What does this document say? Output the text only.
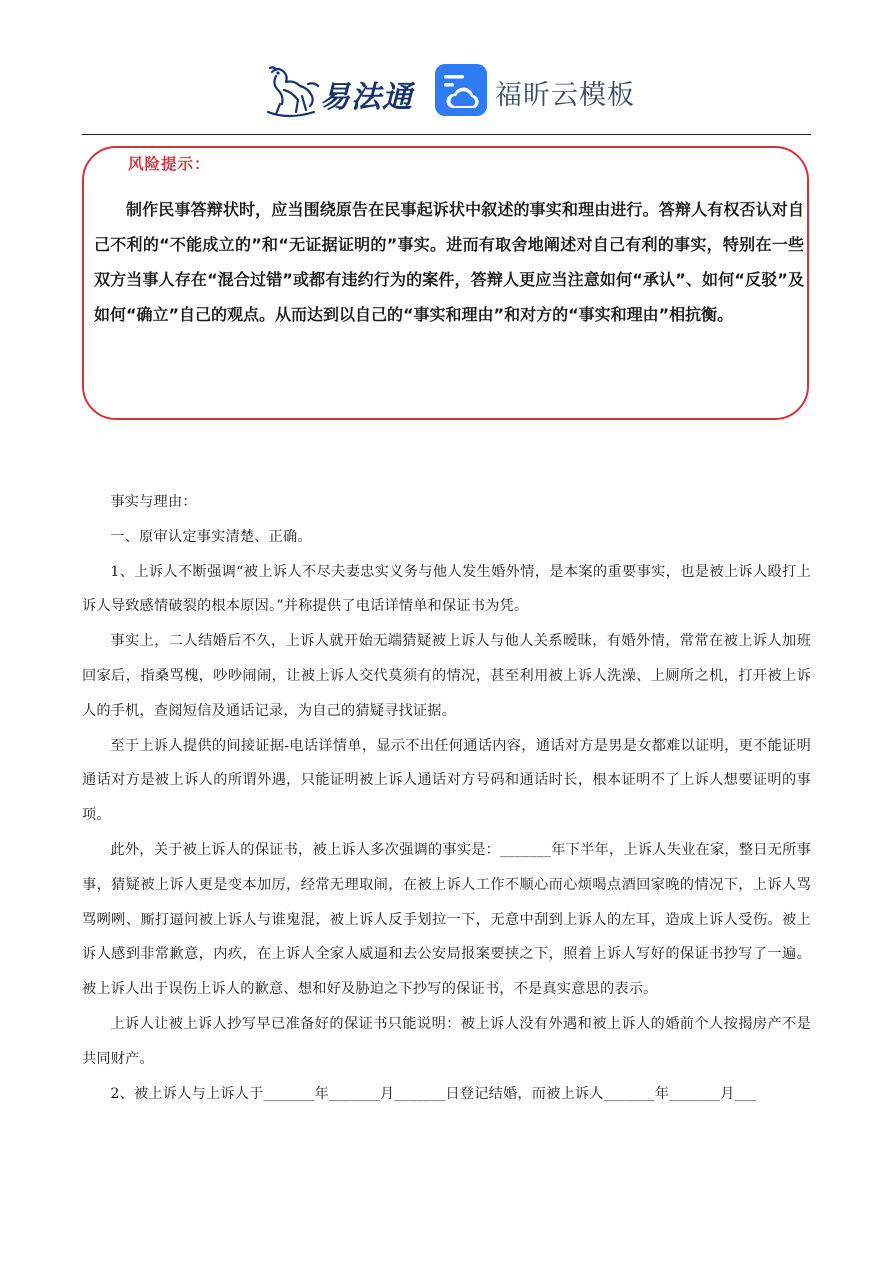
易法通	福昕云模板
风险提示：

制作民事答辩状时，应当围绕原告在民事起诉状中叙述的事实和理由进行。答辩人有权否认对自己不利的“不能成立的”和“无证据证明的”事实。进而有取舍地阐述对自己有利的事实，特别在一些双方当事人存在“混合过错”或都有违约行为的案件，答辩人更应当注意如何“承认”、如何“反驳”及如何“确立”自己的观点。从而达到以自己的“事实和理由”和对方的“事实和理由”相抗衡。

事实与理由：

一、原审认定事实清楚、正确。

1、上诉人不断强调“被上诉人不尽夫妻忠实义务与他人发生婚外情，是本案的重要事实，也是被上诉人殴打上诉人导致感情破裂的根本原因。”并称提供了电话详情单和保证书为凭。

事实上，二人结婚后不久，上诉人就开始无端猜疑被上诉人与他人关系暧昧，有婚外情，常常在被上诉人加班回家后，指桑骂槐，吵吵闹闹，让被上诉人交代莫须有的情况，甚至利用被上诉人洗澡、上厕所之机，打开被上诉人的手机，查阅短信及通话记录，为自己的猜疑寻找证据。

至于上诉人提供的间接证据-电话详情单，显示不出任何通话内容，通话对方是男是女都难以证明，更不能证明通话对方是被上诉人的所谓外遇，只能证明被上诉人通话对方号码和通话时长，根本证明不了上诉人想要证明的事项。

此外，关于被上诉人的保证书，被上诉人多次强调的事实是：_______年下半年，上诉人失业在家，整日无所事事，猜疑被上诉人更是变本加厉，经常无理取闹，在被上诉人工作不顺心而心烦喝点酒回家晚的情况下，上诉人骂骂咧咧、厮打逼问被上诉人与谁鬼混，被上诉人反手划拉一下，无意中刮到上诉人的左耳，造成上诉人受伤。被上诉人感到非常歉意，内疚，在上诉人全家人威逼和去公安局报案要挟之下，照着上诉人写好的保证书抄写了一遍。被上诉人出于误伤上诉人的歉意、想和好及胁迫之下抄写的保证书，不是真实意思的表示。

上诉人让被上诉人抄写早已准备好的保证书只能说明：被上诉人没有外遇和被上诉人的婚前个人按揭房产不是共同财产。

2、被上诉人与上诉人于_______年_______月_______日登记结婚，而被上诉人_______年_______月___
